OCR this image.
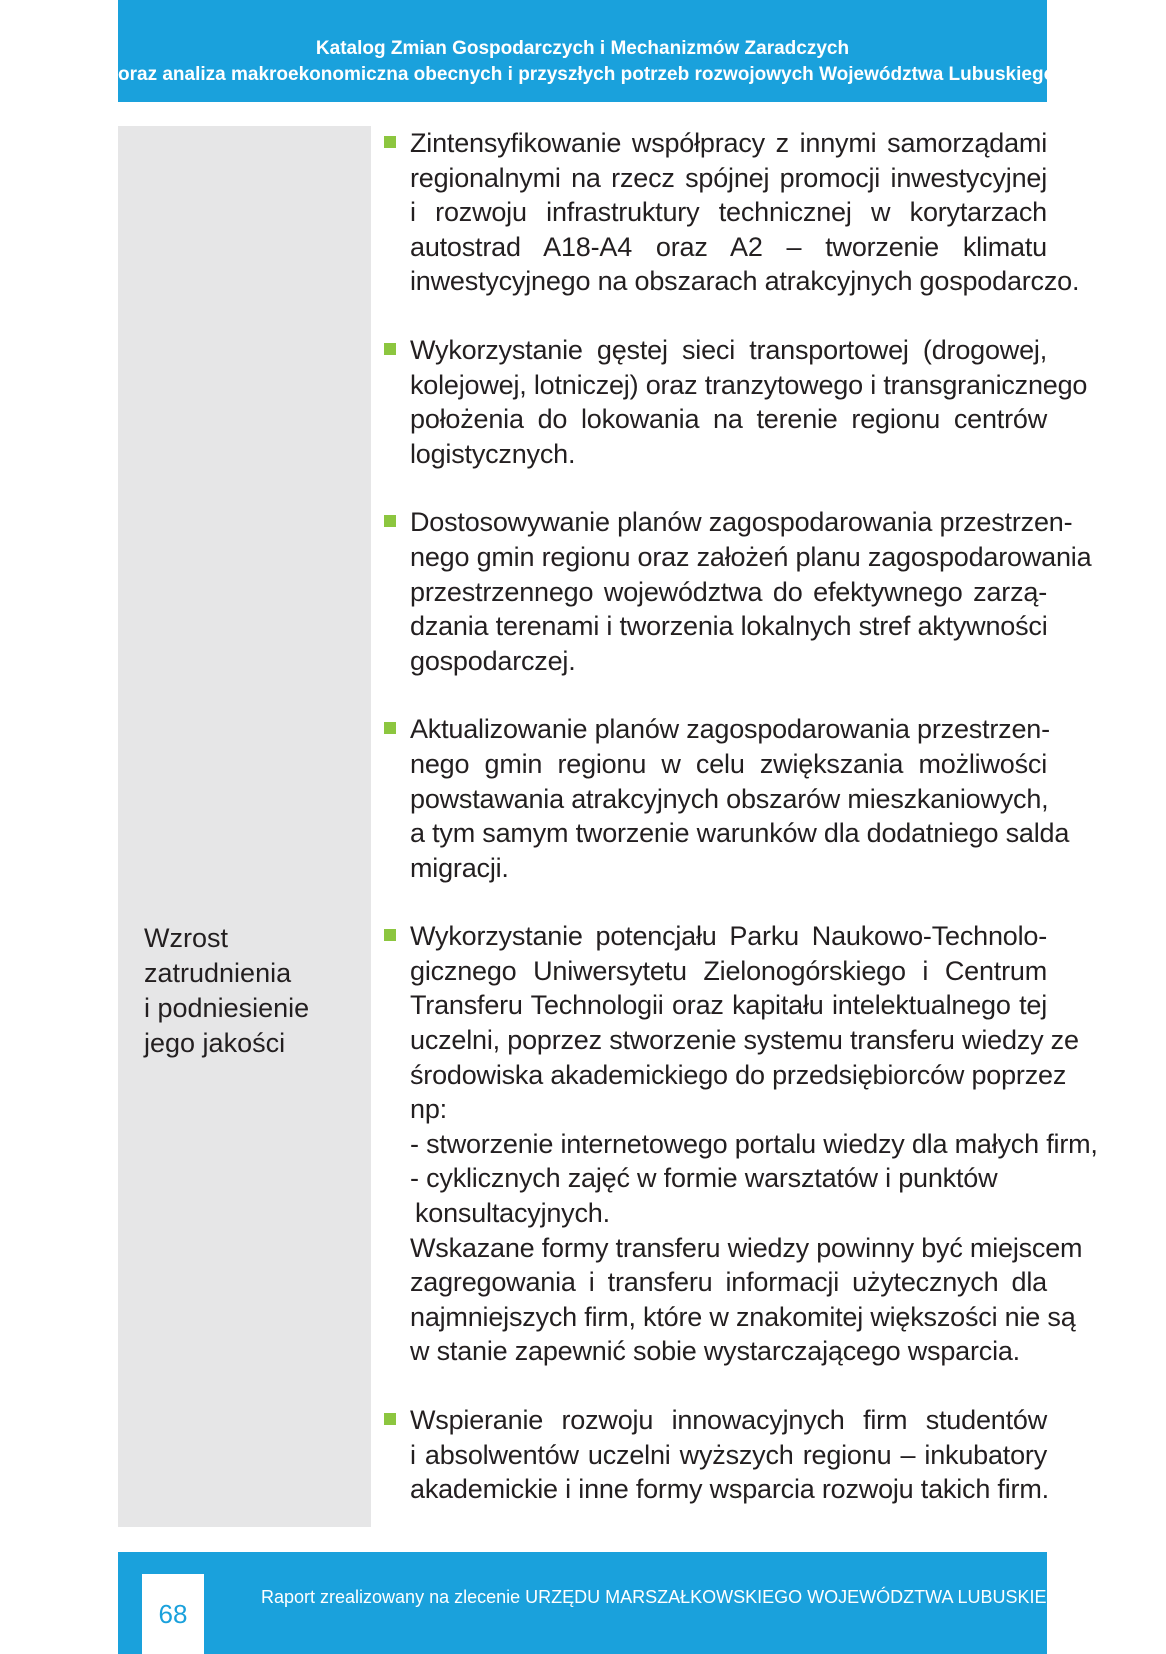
Katalog Zmian Gospodarczych i Mechanizmów Zaradczych
oraz analiza makroekonomiczna obecnych i przyszłych potrzeb rozwojowych Województwa Lubuskiego
Wzrost
zatrudnienia
i podniesienie
jego jakości
Zintensyfikowanie współpracy z innymi samorządami
regionalnymi na rzecz spójnej promocji inwestycyjnej
i rozwoju infrastruktury technicznej w korytarzach
autostrad A18-A4 oraz A2 – tworzenie klimatu
inwestycyjnego na obszarach atrakcyjnych gospodarczo.
Wykorzystanie gęstej sieci transportowej (drogowej,
kolejowej, lotniczej) oraz tranzytowego i transgranicznego
położenia do lokowania na terenie regionu centrów
logistycznych.
Dostosowywanie planów zagospodarowania przestrzen-
nego gmin regionu oraz założeń planu zagospodarowania
przestrzennego województwa do efektywnego zarzą-
dzania terenami i tworzenia lokalnych stref aktywności
gospodarczej.
Aktualizowanie planów zagospodarowania przestrzen-
nego gmin regionu w celu zwiększania możliwości
powstawania atrakcyjnych obszarów mieszkaniowych,
a tym samym tworzenie warunków dla dodatniego salda
migracji.
Wykorzystanie potencjału Parku Naukowo-Technolo-
gicznego Uniwersytetu Zielonogórskiego i Centrum
Transferu Technologii oraz kapitału intelektualnego tej
uczelni, poprzez stworzenie systemu transferu wiedzy ze
środowiska akademickiego do przedsiębiorców poprzez
np:
- stworzenie internetowego portalu wiedzy dla małych firm,
- cyklicznych zajęć w formie warsztatów i punktów
konsultacyjnych.
Wskazane formy transferu wiedzy powinny być miejscem
zagregowania i transferu informacji użytecznych dla
najmniejszych firm, które w znakomitej większości nie są
w stanie zapewnić sobie wystarczającego wsparcia.
Wspieranie rozwoju innowacyjnych firm studentów
i absolwentów uczelni wyższych regionu – inkubatory
akademickie i inne formy wsparcia rozwoju takich firm.
68
Raport zrealizowany na zlecenie URZĘDU MARSZAŁKOWSKIEGO WOJEWÓDZTWA LUBUSKIEGO
